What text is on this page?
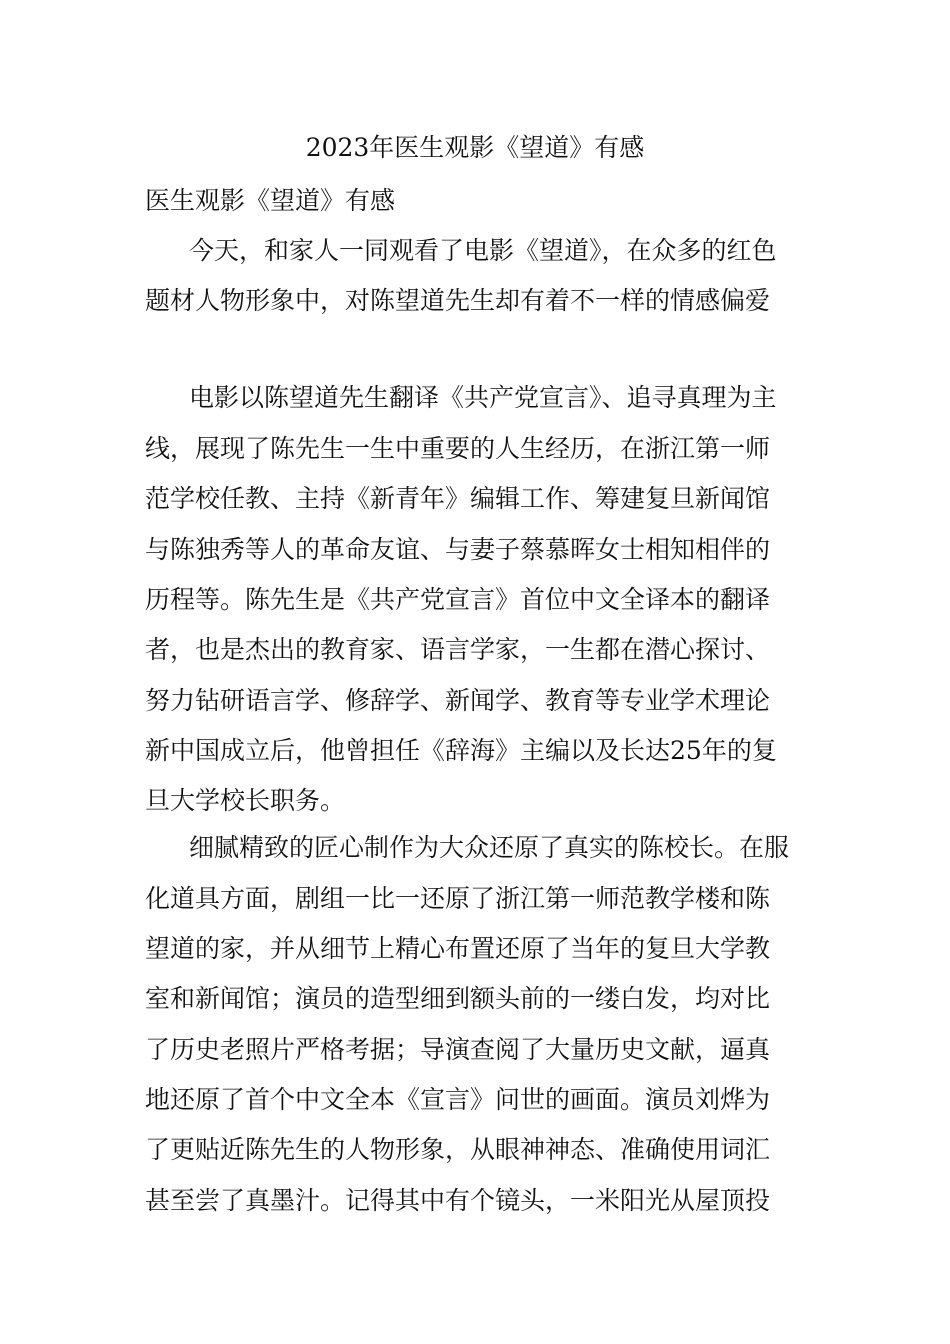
2023年医生观影《望道》有感
医生观影《望道》有感
今天，和家人一同观看了电影《望道》，在众多的红色
题材人物形象中，对陈望道先生却有着不一样的情感偏爱
电影以陈望道先生翻译《共产党宣言》、追寻真理为主
线，展现了陈先生一生中重要的人生经历，在浙江第一师
范学校任教、主持《新青年》编辑工作、筹建复旦新闻馆
与陈独秀等人的革命友谊、与妻子蔡慕晖女士相知相伴的
历程等。陈先生是《共产党宣言》首位中文全译本的翻译
者，也是杰出的教育家、语言学家，一生都在潜心探讨、
努力钻研语言学、修辞学、新闻学、教育等专业学术理论
新中国成立后，他曾担任《辞海》主编以及长达25年的复
旦大学校长职务。
细腻精致的匠心制作为大众还原了真实的陈校长。在服
化道具方面，剧组一比一还原了浙江第一师范教学楼和陈
望道的家，并从细节上精心布置还原了当年的复旦大学教
室和新闻馆；演员的造型细到额头前的一缕白发，均对比
了历史老照片严格考据；导演查阅了大量历史文献，逼真
地还原了首个中文全本《宣言》问世的画面。演员刘烨为
了更贴近陈先生的人物形象，从眼神神态、准确使用词汇
甚至尝了真墨汁。记得其中有个镜头，一米阳光从屋顶投
